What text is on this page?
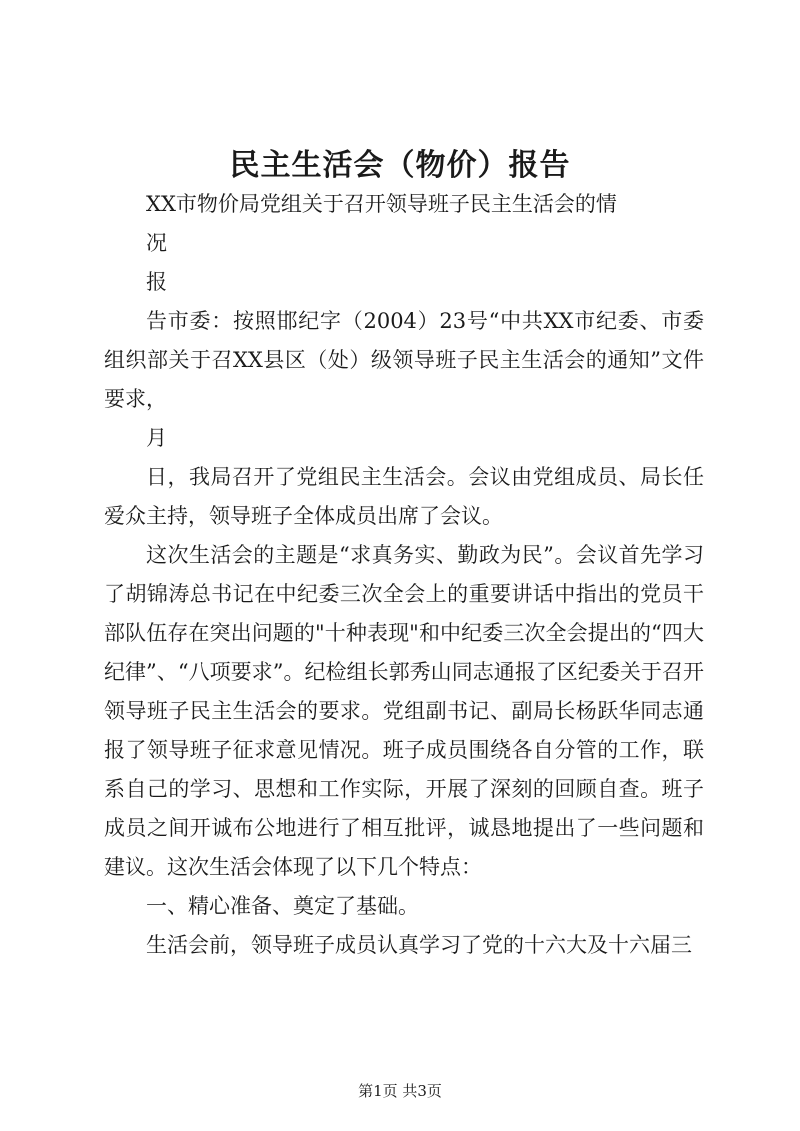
民主生活会（物价）报告

XX市物价局党组关于召开领导班子民主生活会的情

况

报

告市委：按照邯纪字（2004）23号“中共XX市纪委、市委组织部关于召XX县区（处）级领导班子民主生活会的通知”文件要求，

月

日，我局召开了党组民主生活会。会议由党组成员、局长任爱众主持，领导班子全体成员出席了会议。

这次生活会的主题是“求真务实、勤政为民”。会议首先学习了胡锦涛总书记在中纪委三次全会上的重要讲话中指出的党员干部队伍存在突出问题的"十种表现"和中纪委三次全会提出的“四大纪律”、“八项要求”。纪检组长郭秀山同志通报了区纪委关于召开领导班子民主生活会的要求。党组副书记、副局长杨跃华同志通报了领导班子征求意见情况。班子成员围绕各自分管的工作，联系自己的学习、思想和工作实际，开展了深刻的回顾自查。班子成员之间开诚布公地进行了相互批评，诚恳地提出了一些问题和建议。这次生活会体现了以下几个特点：

一、精心准备、奠定了基础。

生活会前，领导班子成员认真学习了党的十六大及十六届三

第1页 共3页
